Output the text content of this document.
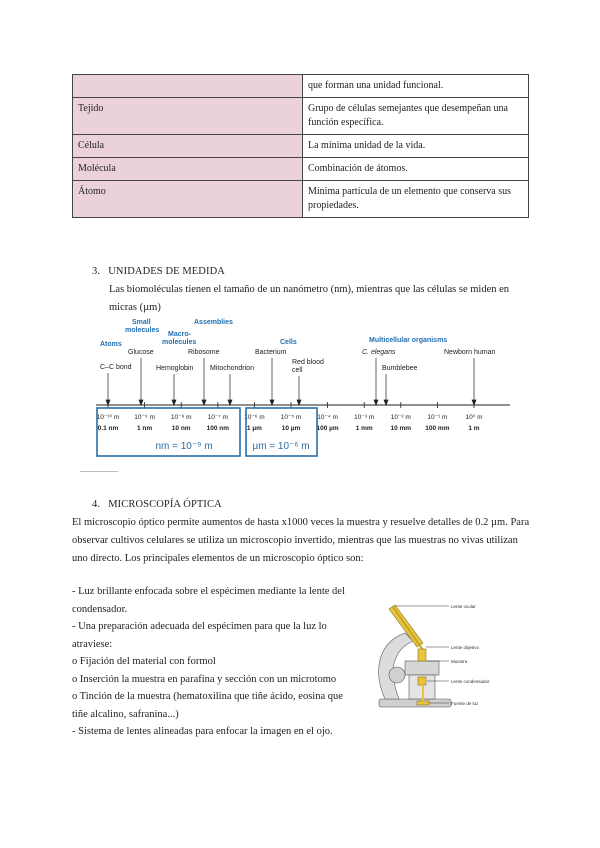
	que forman una unidad funcional.
Tejido	Grupo de células semejantes que desempeñan una función específica.
Célula	La mínima unidad de la vida.
Molécula	Combinación de átomos.
Átomo	Mínima partícula de un elemento que conserva sus propiedades.
3.   UNIDADES DE MEDIDA
Las biomoléculas tienen el tamaño de un nanómetro (nm), mientras que las células se miden en micras (µm)
Atoms
Small
molecules
Macro-
molecules
Assemblies
Cells	Multicellular organisms
C–C bond
Glucose
Hemoglobin
Ribosome
Mitochondrion
Bacterium
Red blood
cell
C. elegans
Bumblebee
Newborn human
10⁻¹⁰ m 10⁻⁹ m 10⁻⁸ m 10⁻⁷ m 10⁻⁶ m 10⁻⁵ m 10⁻⁴ m 10⁻³ m	10⁻² m	10⁻¹ m	10⁰ m
0.1 nm	1 nm	10 nm 100 nm	1 µm	10 µm 100 µm	1 mm	10 mm 100 mm	1 m
nm = 10⁻⁹ m	µm = 10⁻⁶ m
4.   MICROSCOPÍA ÓPTICA
El microscopio óptico permite aumentos de hasta x1000 veces la muestra y resuelve detalles de 0.2 µm. Para observar cultivos celulares se utiliza un microscopio invertido, mientras que las muestras no vivas utilizan uno directo. Los principales elementos de un microscopio óptico son:
- Luz brillante enfocada sobre el espécimen mediante la lente del
condensador.
- Una preparación adecuada del espécimen para que la luz lo
atraviese:
o Fijación del material con formol
o Inserción la muestra en parafina y sección con un microtomo
o Tinción de la muestra (hematoxilina que tiñe ácido, eosina que
tiñe alcalino, safranina...)
- Sistema de lentes alineadas para enfocar la imagen en el ojo.
Lente ocular
Lente objetivo
Muestra
Lente condensador
Fuente de luz
